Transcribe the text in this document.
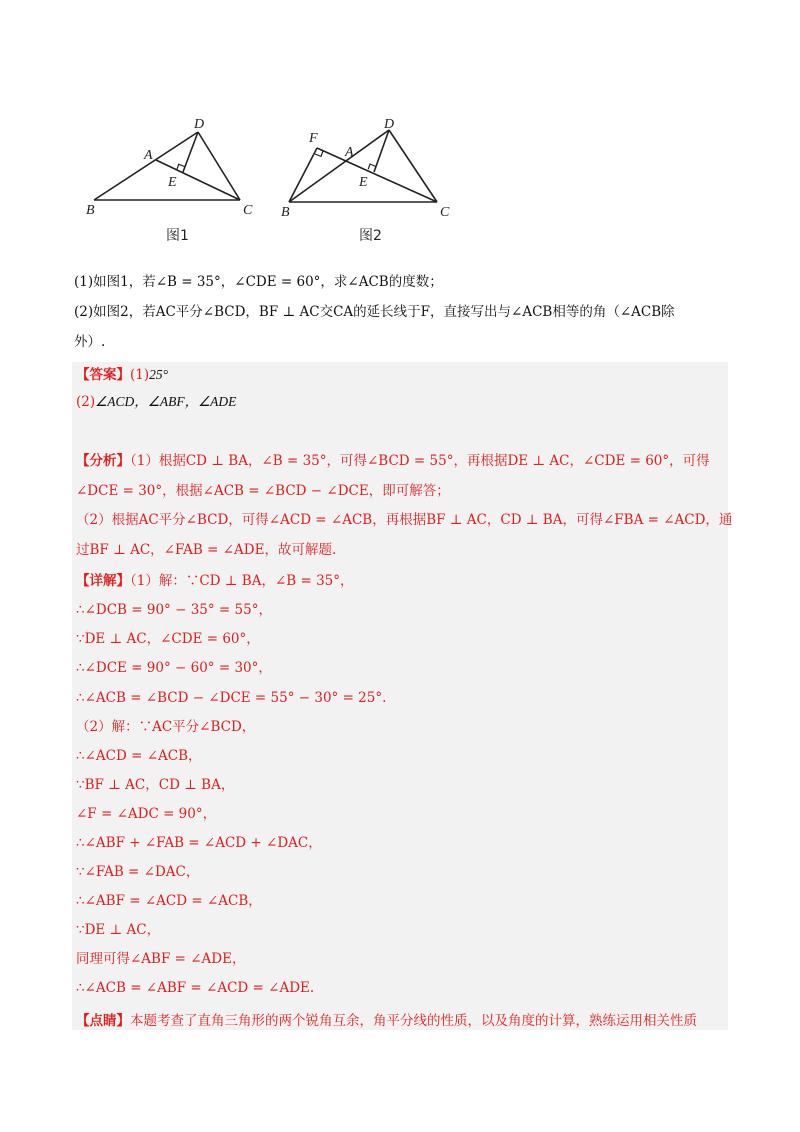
D
A
E
B	C
图1
F
D
A
E
B	C
图2
(1)如图1，若∠B = 35°，∠CDE = 60°，求∠ACB的度数；
(2)如图2，若AC平分∠BCD，BF ⊥ AC交CA的延长线于F，直接写出与∠ACB相等的角（∠ACB除
外）.
【答案】(1)25°
(2)∠ACD，∠ABF，∠ADE
【分析】（1）根据CD ⊥ BA，∠B = 35°，可得∠BCD = 55°，再根据DE ⊥ AC，∠CDE = 60°，可得
∠DCE = 30°，根据∠ACB = ∠BCD − ∠DCE，即可解答；
（2）根据AC平分∠BCD，可得∠ACD = ∠ACB，再根据BF ⊥ AC，CD ⊥ BA，可得∠FBA = ∠ACD，通
过BF ⊥ AC，∠FAB = ∠ADE，故可解题.
【详解】（1）解：∵CD ⊥ BA，∠B = 35°，
∴∠DCB = 90° − 35° = 55°，
∵DE ⊥ AC，∠CDE = 60°，
∴∠DCE = 90° − 60° = 30°，
∴∠ACB = ∠BCD − ∠DCE = 55° − 30° = 25°.
（2）解：∵AC平分∠BCD，
∴∠ACD = ∠ACB，
∵BF ⊥ AC，CD ⊥ BA，
∠F = ∠ADC = 90°，
∴∠ABF + ∠FAB = ∠ACD + ∠DAC，
∵∠FAB = ∠DAC，
∴∠ABF = ∠ACD = ∠ACB，
∵DE ⊥ AC，
同理可得∠ABF = ∠ADE，
∴∠ACB = ∠ABF = ∠ACD = ∠ADE.
【点睛】本题考查了直角三角形的两个锐角互余，角平分线的性质，以及角度的计算，熟练运用相关性质
